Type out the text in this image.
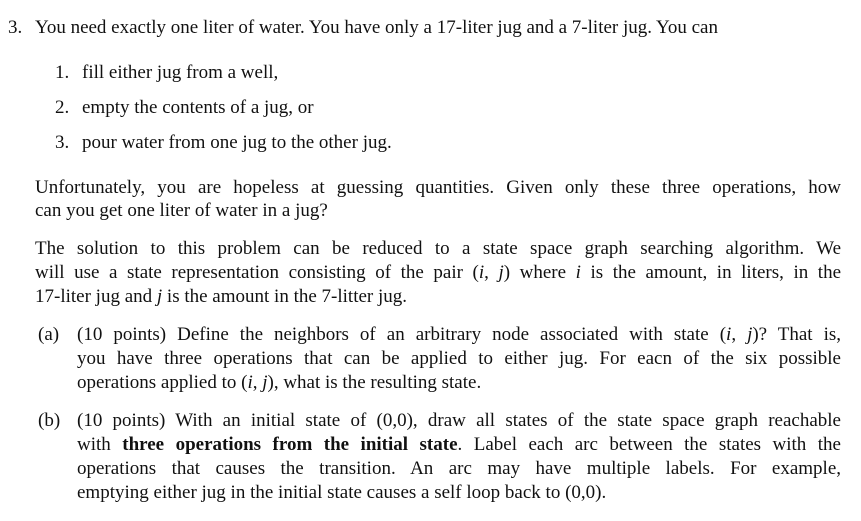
3. You need exactly one liter of water. You have only a 17-liter jug and a 7-liter jug. You can
1. fill either jug from a well,
2. empty the contents of a jug, or
3. pour water from one jug to the other jug.
Unfortunately, you are hopeless at guessing quantities. Given only these three operations, how
can you get one liter of water in a jug?
The solution to this problem can be reduced to a state space graph searching algorithm. We
will use a state representation consisting of the pair (i, j) where i is the amount, in liters, in the
17-liter jug and j is the amount in the 7-litter jug.
(a) (10 points) Define the neighbors of an arbitrary node associated with state (i, j)? That is,
you have three operations that can be applied to either jug. For eacn of the six possible
operations applied to (i, j), what is the resulting state.
(b) (10 points) With an initial state of (0,0), draw all states of the state space graph reachable
with three operations from the initial state. Label each arc between the states with the
operations that causes the transition. An arc may have multiple labels. For example,
emptying either jug in the initial state causes a self loop back to (0,0).
